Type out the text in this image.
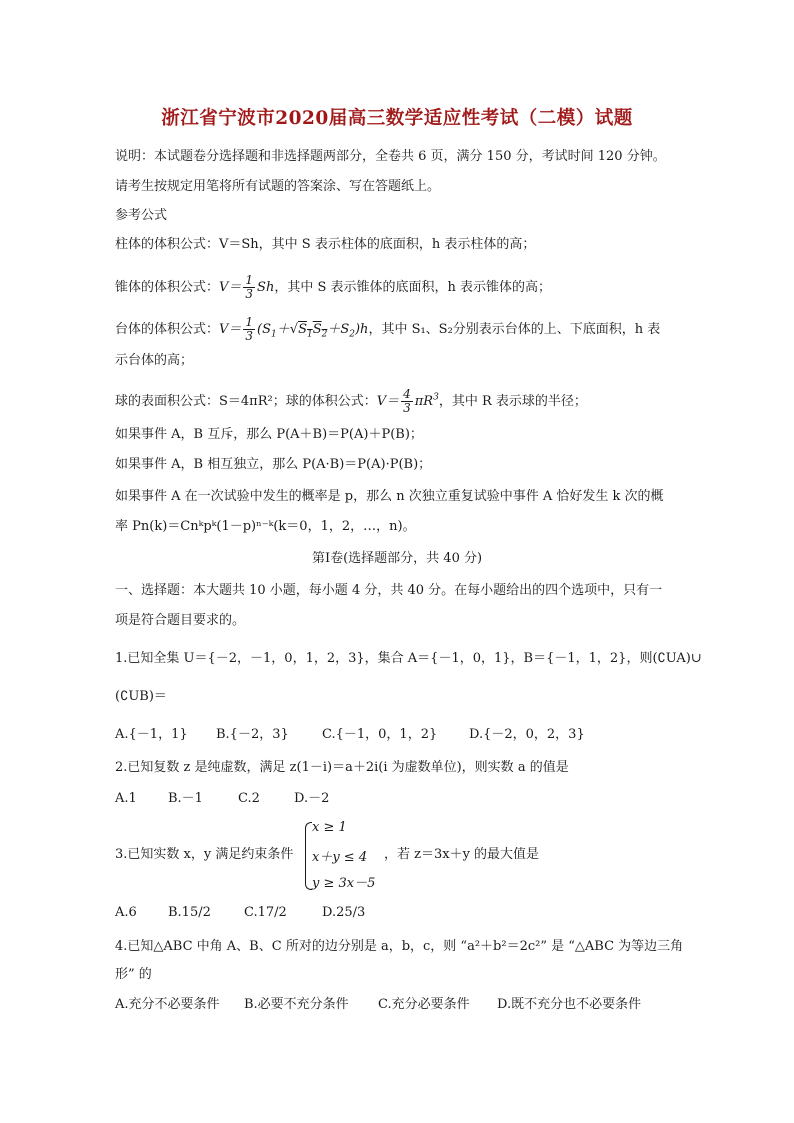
浙江省宁波市2020届高三数学适应性考试（二模）试题
说明：本试题卷分选择题和非选择题两部分，全卷共 6 页，满分 150 分，考试时间 120 分钟。
请考生按规定用笔将所有试题的答案涂、写在答题纸上。
参考公式
柱体的体积公式：V＝Sh，其中 S 表示柱体的底面积，h 表示柱体的高；
锥体的体积公式：$V= \frac{1}{3}$ Sh，其中 S 表示锥体的底面积，h 表示锥体的高；
台体的体积公式：$V= \frac{1}{3} (S_1+√S_1S_2+S_2)h$，其中 S₁、S₂分别表示台体的上、下底面积，h 表
示台体的高；
球的表面积公式：S＝4πR²；球的体积公式：$V= \frac{4}{3} \pi R^3$，其中 R 表示球的半径；
如果事件 A，B 互斥，那么 P(A＋B)＝P(A)＋P(B)；
如果事件 A，B 相互独立，那么 P(A·B)＝P(A)·P(B)；
如果事件 A 在一次试验中发生的概率是 p，那么 n 次独立重复试验中事件 A 恰好发生 k 次的概
率 Pn(k)＝Cnᵏpᵏ(1－p)ⁿ⁻ᵏ(k＝0，1，2，…，n)。
第Ⅰ卷(选择题部分，共 40 分)
一、选择题：本大题共 10 小题，每小题 4 分，共 40 分。在每小题给出的四个选项中，只有一
项是符合题目要求的。
1.已知全集 U＝{－2，－1，0，1，2，3}，集合 A＝{－1，0，1}，B＝{－1，1，2}，则(∁UA)∪
(∁UB)＝
A.{－1，1} B.{－2，3}	C.{－1，0，1，2} D.{－2，0，2，3}
2.已知复数 z 是纯虚数，满足 z(1－i)＝a＋2i(i 为虚数单位)，则实数 a 的值是
A.1 B.－1	C.2	D.－2
3.已知实数 x，y 满足约束条件
x ≥ 1
x＋y ≤ 4
y ≥ 3x－5
，若 z＝3x＋y 的最大值是
A.6 B.15/2	C.17/2	D.25/3
4.已知△ABC 中角 A、B、C 所对的边分别是 a，b，c，则 “a²＋b²＝2c²” 是 “△ABC 为等边三角
形” 的
A.充分不必要条件 B.必要不充分条件 C.充分必要条件 D.既不充分也不必要条件
